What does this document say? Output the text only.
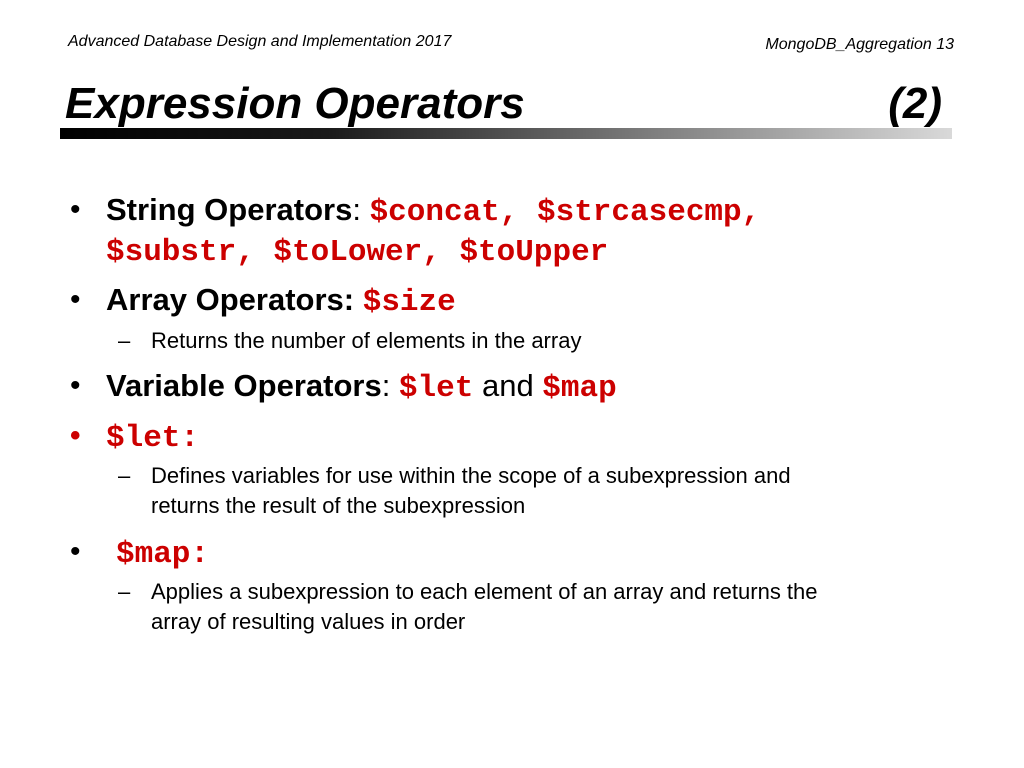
Advanced Database Design and Implementation 2017	MongoDB_Aggregation 13
Expression Operators	(2)
• String Operators: $concat, $strcasecmp,
$substr, $toLower, $toUpper
• Array Operators: $size
– Returns the number of elements in the array
• Variable Operators: $let and $map
• $let:
– Defines variables for use within the scope of a subexpression and
returns the result of the subexpression
• $map:
– Applies a subexpression to each element of an array and returns the
array of resulting values in order
